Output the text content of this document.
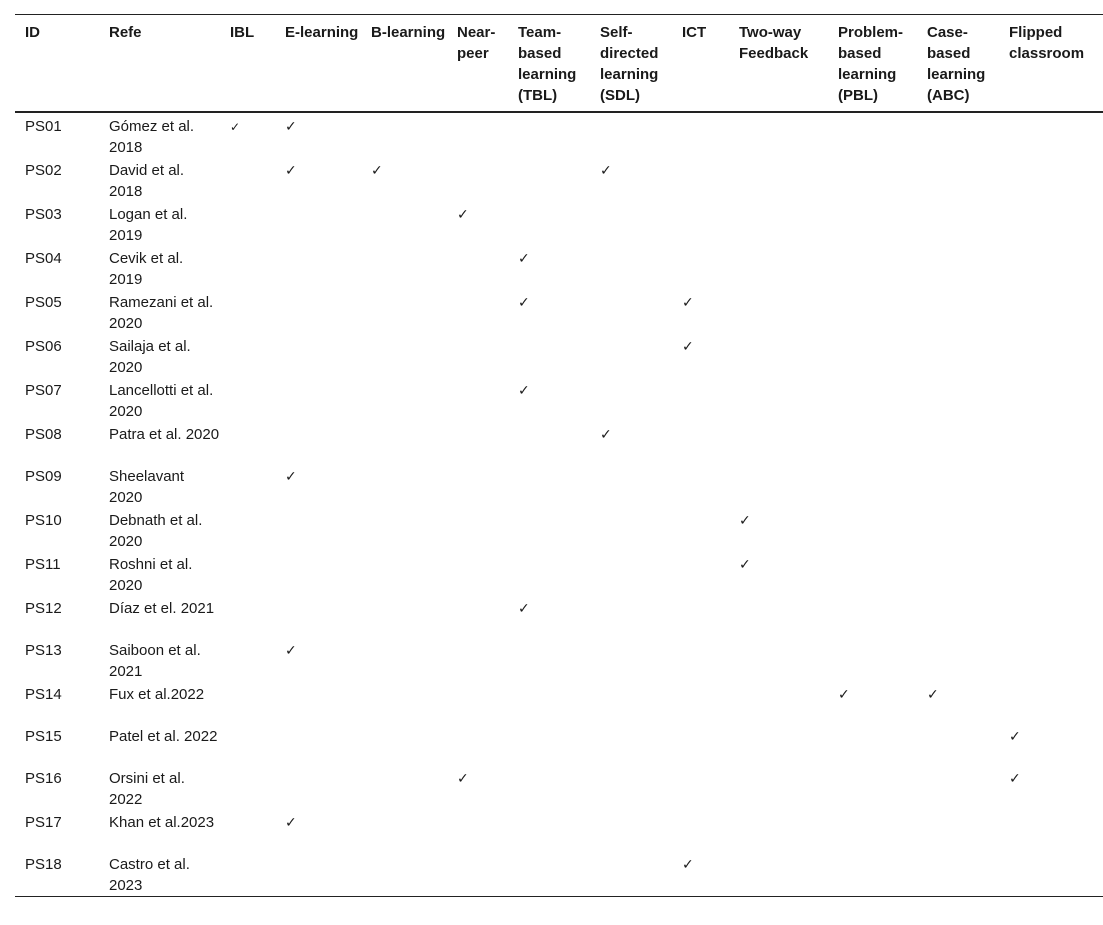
ID	Refe	IBL	E-learning	B-learning	Near-peer	Team-based learning (TBL)	Self-directed learning (SDL)	ICT	Two-way Feedback	Problem-based learning (PBL)	Case-based learning (ABC)	Flipped classroom
PS01	Gómez et al. 2018	✓	✓									
PS02	David et al. 2018		✓	✓			✓					
PS03	Logan et al. 2019				✓							
PS04	Cevik et al. 2019					✓						
PS05	Ramezani et al. 2020					✓		✓				
PS06	Sailaja et al. 2020							✓				
PS07	Lancellotti et al. 2020					✓						
PS08	Patra et al. 2020						✓					
PS09	Sheelavant 2020		✓									
PS10	Debnath et al. 2020								✓			
PS11	Roshni et al. 2020								✓			
PS12	Díaz et el. 2021					✓						
PS13	Saiboon et al. 2021		✓									
PS14	Fux et al.2022									✓	✓	
PS15	Patel et al. 2022											✓
PS16	Orsini et al. 2022				✓							✓
PS17	Khan et al.2023		✓									
PS18	Castro et al. 2023							✓				
